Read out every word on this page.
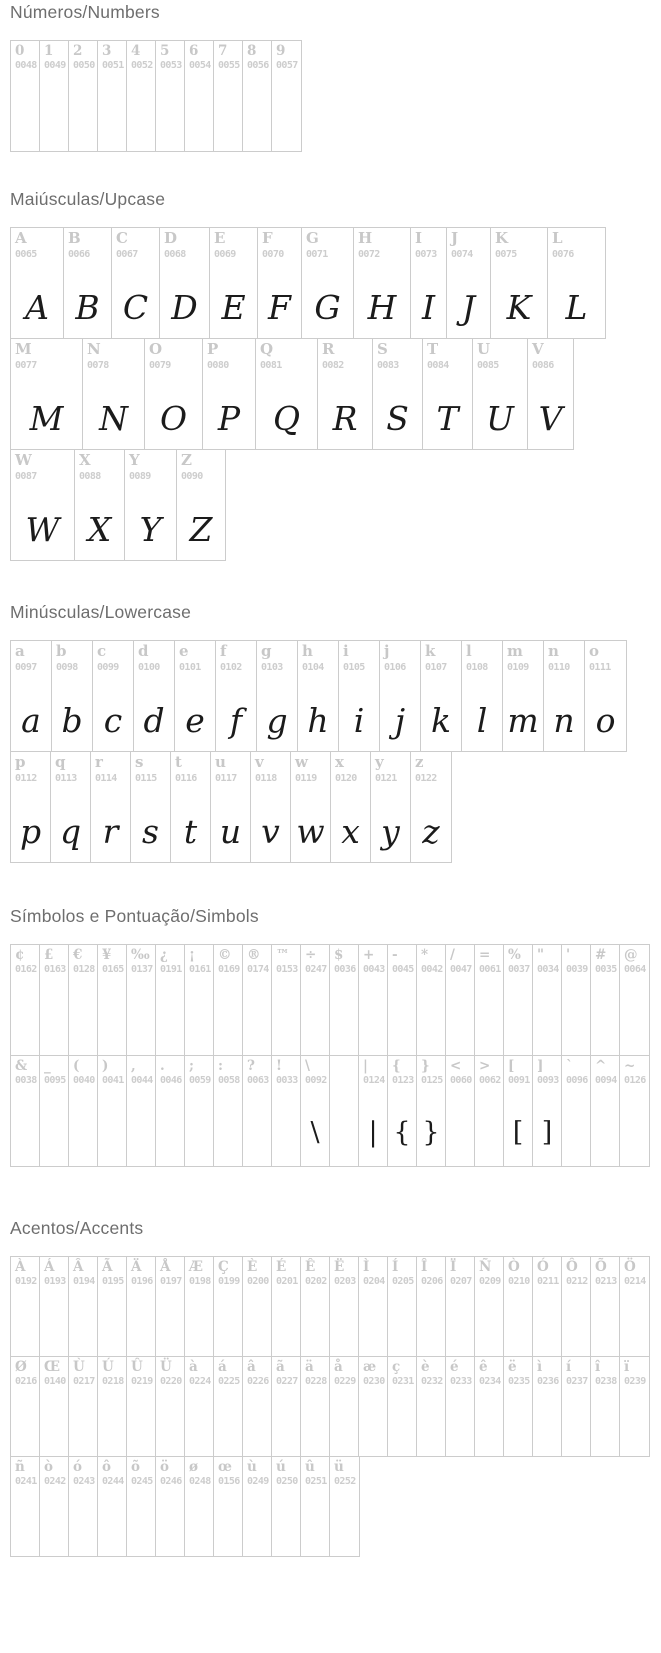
Números/Numbers
0
0048
1
0049
2
0050
3
0051
4
0052
5
0053
6
0054
7
0055
8
0056
9
0057
Maiúsculas/Upcase
A
0065
A
B
0066
B
C
0067
C
D
0068
D
E
0069
E
F
0070
F
G
0071
G
H
0072
H
I
0073
I
J
0074
J
K
0075
K
L
0076
L
M
0077
M
N
0078
N
O
0079
O
P
0080
P
Q
0081
Q
R
0082
R
S
0083
S
T
0084
T
U
0085
U
V
0086
V
W
0087
W
X
0088
X
Y
0089
Y
Z
0090
Z
Minúsculas/Lowercase
a
0097
a
b
0098
b
c
0099
c
d
0100
d
e
0101
e
f
0102
f
g
0103
g
h
0104
h
i
0105
i
j
0106
j
k
0107
k
l
0108
l
m
0109
m
n
0110
n
o
0111
o
p
0112
p
q
0113
q
r
0114
r
s
0115
s
t
0116
t
u
0117
u
v
0118
v
w
0119
w
x
0120
x
y
0121
y
z
0122
z
Símbolos e Pontuação/Simbols
¢
0162
£
0163
€
0128
¥
0165
‰
0137
¿
0191
¡
0161
©
0169
®
0174
™
0153
÷
0247
$
0036
+
0043
-
0045
*
0042
/
0047
=
0061
%
0037
"
0034
'
0039
#
0035
@
0064
&
0038
_
0095
(
0040
)
0041
,
0044
.
0046
;
0059
:
0058
?
0063
!
0033
\
0092
\
|
0124
|
{
0123
{
}
0125
}
<
0060
>
0062
[
0091
[
]
0093
]
`
0096
^
0094
~
0126
Acentos/Accents
À
0192
Á
0193
Â
0194
Ã
0195
Ä
0196
Å
0197
Æ
0198
Ç
0199
È
0200
É
0201
Ê
0202
Ë
0203
Ì
0204
Í
0205
Î
0206
Ï
0207
Ñ
0209
Ò
0210
Ó
0211
Ô
0212
Õ
0213
Ö
0214
Ø
0216
Œ
0140
Ù
0217
Ú
0218
Û
0219
Ü
0220
à
0224
á
0225
â
0226
ã
0227
ä
0228
å
0229
æ
0230
ç
0231
è
0232
é
0233
ê
0234
ë
0235
ì
0236
í
0237
î
0238
ï
0239
ñ
0241
ò
0242
ó
0243
ô
0244
õ
0245
ö
0246
ø
0248
œ
0156
ù
0249
ú
0250
û
0251
ü
0252
